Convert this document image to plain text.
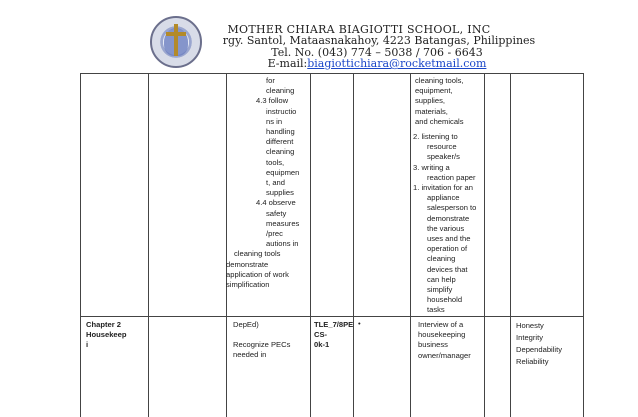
MOTHER CHIARA BIAGIOTTI SCHOOL, INC
rgy. Santol, Mataasnakahoy, 4223 Batangas, Philippines
Tel. No. (043) 774 – 5038 / 706 - 6643
E-mail:biagiottichiara@rocketmail.com

for

cleaning

4.3 follow

instructio

ns in

handling

different

cleaning

tools,

equipmen

t, and

supplies

4.4 observe

safety

measures

/prec

autions in

cleaning tools

demonstrate

application of work

simplification

cleaning tools,

equipment,

supplies,

materials,

and chemicals

2. listening to

resource

speaker/s

3. writing a

reaction paper

1. invitation for an

appliance

salesperson to

demonstrate

the various

uses and the

operation of

cleaning

devices that

can help

simplify

household

tasks

Chapter 2

Housekeep

i

DepEd)

Recognize PECs

needed in

TLE_7/8PE

CS-

0k-1

•	Interview of a

housekeeping

business

owner/manager

Honesty

Integrity

Dependability

Reliability
